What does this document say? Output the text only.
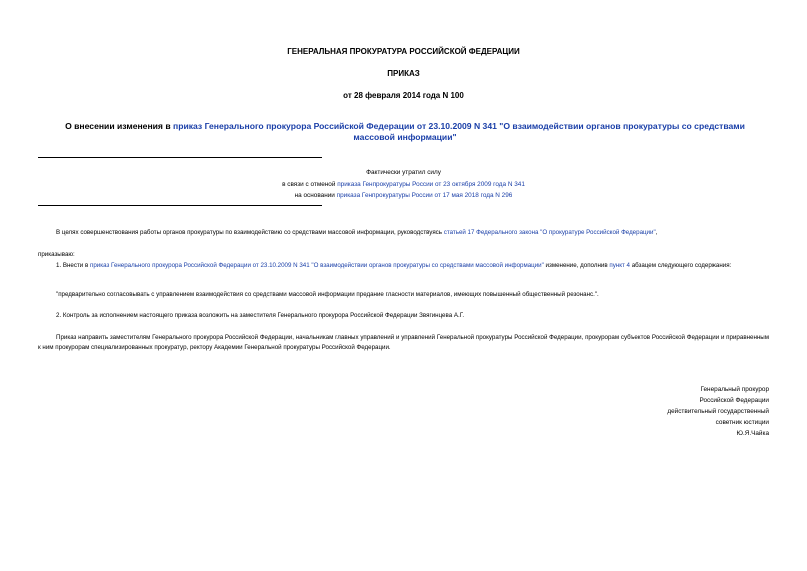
ГЕНЕРАЛЬНАЯ ПРОКУРАТУРА РОССИЙСКОЙ ФЕДЕРАЦИИ
ПРИКАЗ
от 28 февраля 2014 года N 100
О внесении изменения в приказ Генерального прокурора Российской Федерации от 23.10.2009 N 341 "О взаимодействии органов прокуратуры со средствами массовой информации"
Фактически утратил силу
в связи с отменой приказа Генпрокуратуры России от 23 октября 2009 года N 341
на основании приказа Генпрокуратуры России от 17 мая 2018 года N 296
В целях совершенствования работы органов прокуратуры по взаимодействию со средствами массовой информации, руководствуясь статьей 17 Федерального закона "О прокуратуре Российской Федерации",
приказываю:
1. Внести в приказ Генерального прокурора Российской Федерации от 23.10.2009 N 341 "О взаимодействии органов прокуратуры со средствами массовой информации" изменение, дополнив пункт 4 абзацем следующего содержания:
"предварительно согласовывать с управлением взаимодействия со средствами массовой информации предание гласности материалов, имеющих повышенный общественный резонанс.".
2. Контроль за исполнением настоящего приказа возложить на заместителя Генерального прокурора Российской Федерации Звягинцева А.Г.
Приказ направить заместителям Генерального прокурора Российской Федерации, начальникам главных управлений и управлений Генеральной прокуратуры Российской Федерации, прокурорам субъектов Российской Федерации и приравненным к ним прокурорам специализированных прокуратур, ректору Академии Генеральной прокуратуры Российской Федерации.
Генеральный прокурор
Российской Федерации
действительный государственный
советник юстиции
Ю.Я.Чайка
